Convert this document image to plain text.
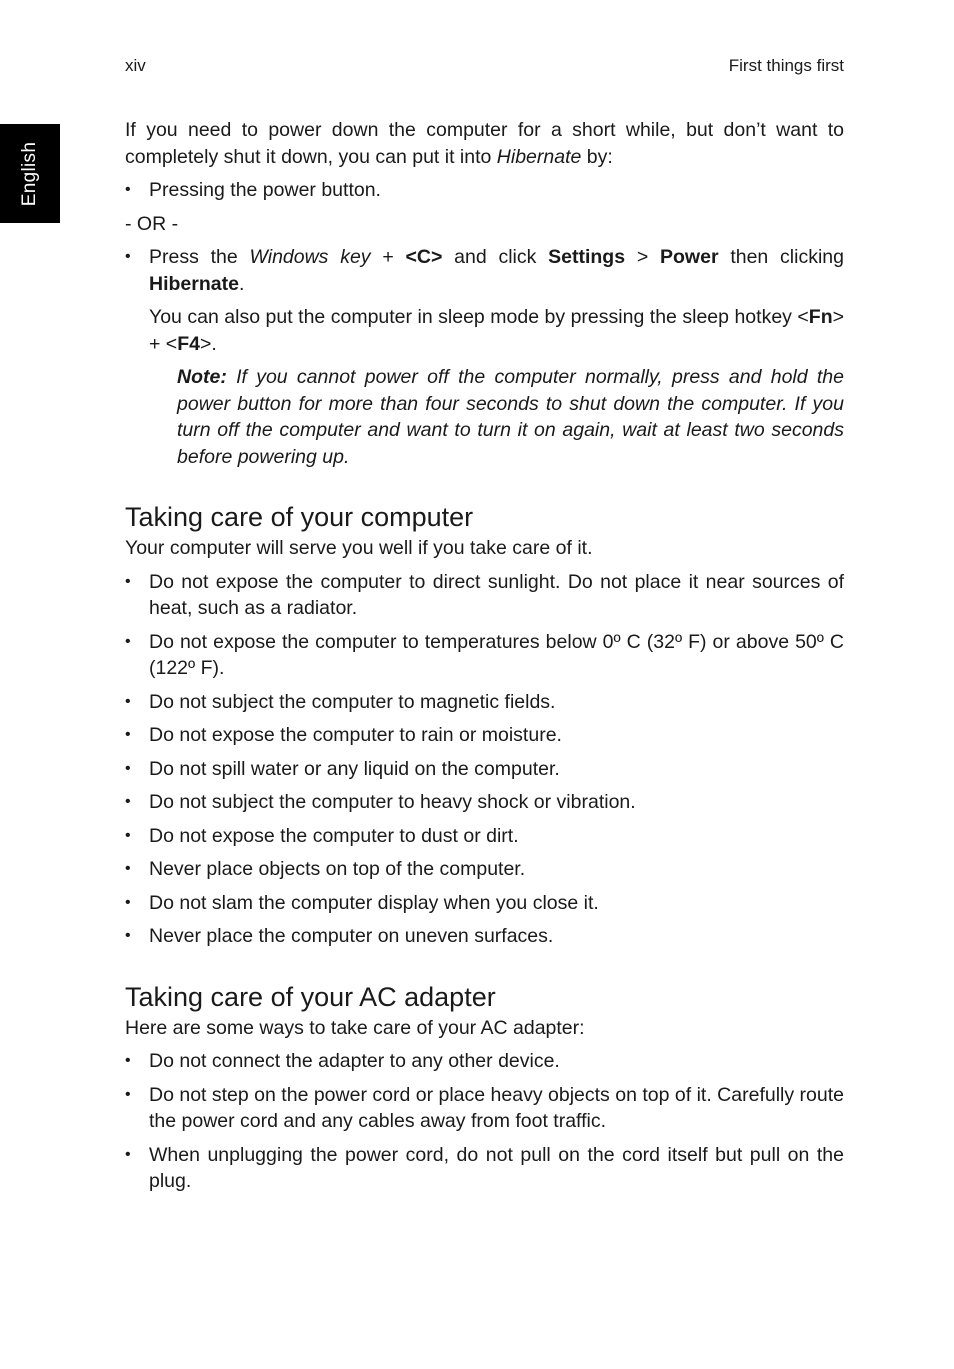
xiv	First things first
English

If you need to power down the computer for a short while, but don’t want to completely shut it down, you can put it into Hibernate by:

• Pressing the power button.

- OR -

• Press the Windows key + <C> and click Settings > Power then clicking Hibernate.

You can also put the computer in sleep mode by pressing the sleep hotkey <Fn> + <F4>.

Note: If you cannot power off the computer normally, press and hold the power button for more than four seconds to shut down the computer. If you turn off the computer and want to turn it on again, wait at least two seconds before powering up.

Taking care of your computer

Your computer will serve you well if you take care of it.

• Do not expose the computer to direct sunlight. Do not place it near sources of heat, such as a radiator.
• Do not expose the computer to temperatures below 0º C (32º F) or above 50º C (122º F).
• Do not subject the computer to magnetic fields.
• Do not expose the computer to rain or moisture.
• Do not spill water or any liquid on the computer.
• Do not subject the computer to heavy shock or vibration.
• Do not expose the computer to dust or dirt.
• Never place objects on top of the computer.
• Do not slam the computer display when you close it.
• Never place the computer on uneven surfaces.
Taking care of your AC adapter

Here are some ways to take care of your AC adapter:

• Do not connect the adapter to any other device.
• Do not step on the power cord or place heavy objects on top of it. Carefully route the power cord and any cables away from foot traffic.
• When unplugging the power cord, do not pull on the cord itself but pull on the plug.
